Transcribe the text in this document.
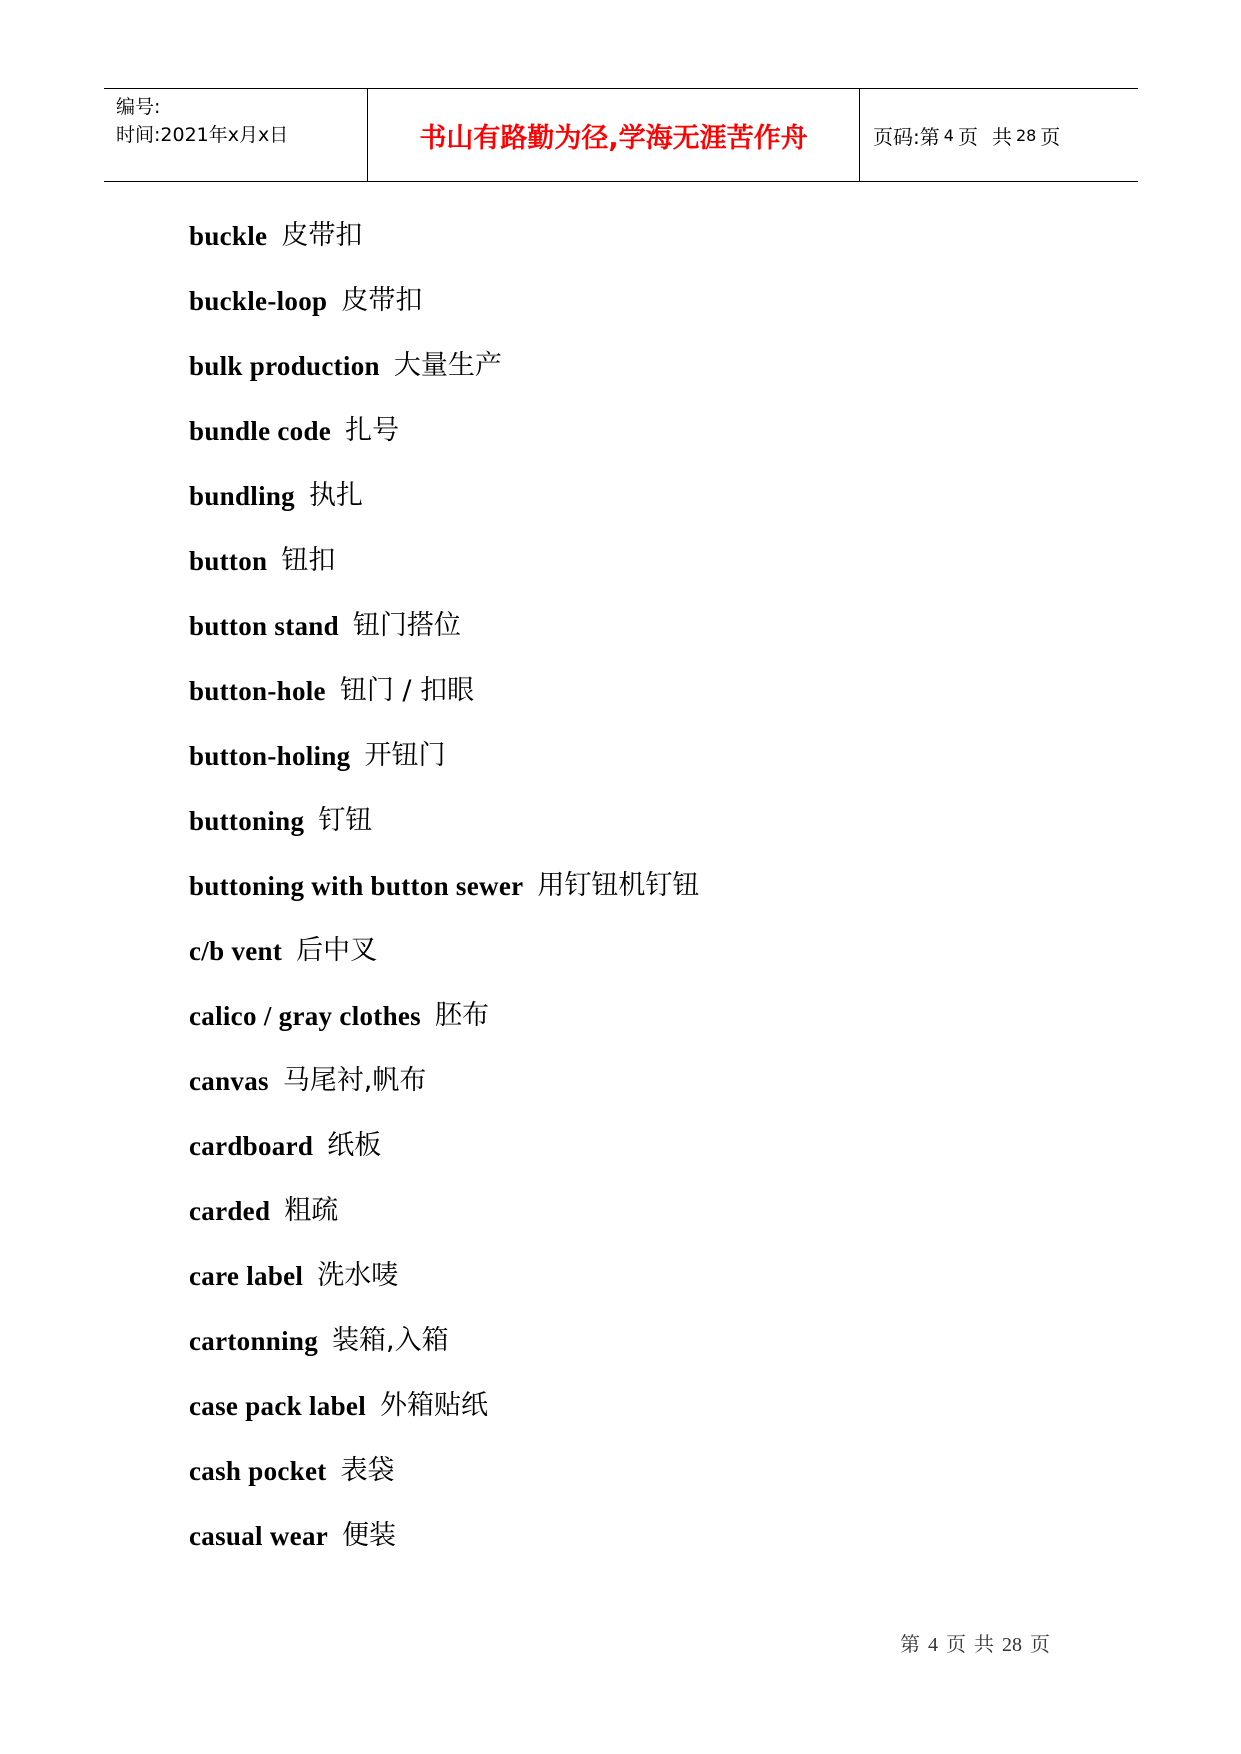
编号:
时间:2021年x月x日	书山有路勤为径,学海无涯苦作舟	页码:第 4 页 共 28 页
buckle 皮带扣
buckle-loop 皮带扣
bulk production 大量生产
bundle code 扎号
bundling 执扎
button 钮扣
button stand 钮门搭位
button-hole 钮门 / 扣眼
button-holing 开钮门
buttoning 钉钮
buttoning with button sewer 用钉钮机钉钮
c/b vent 后中叉
calico / gray clothes 胚布
canvas 马尾衬,帆布
cardboard 纸板
carded 粗疏
care label 洗水唛
cartonning 装箱,入箱
case pack label 外箱贴纸
cash pocket 表袋
casual wear 便装
第 4 页 共 28 页
